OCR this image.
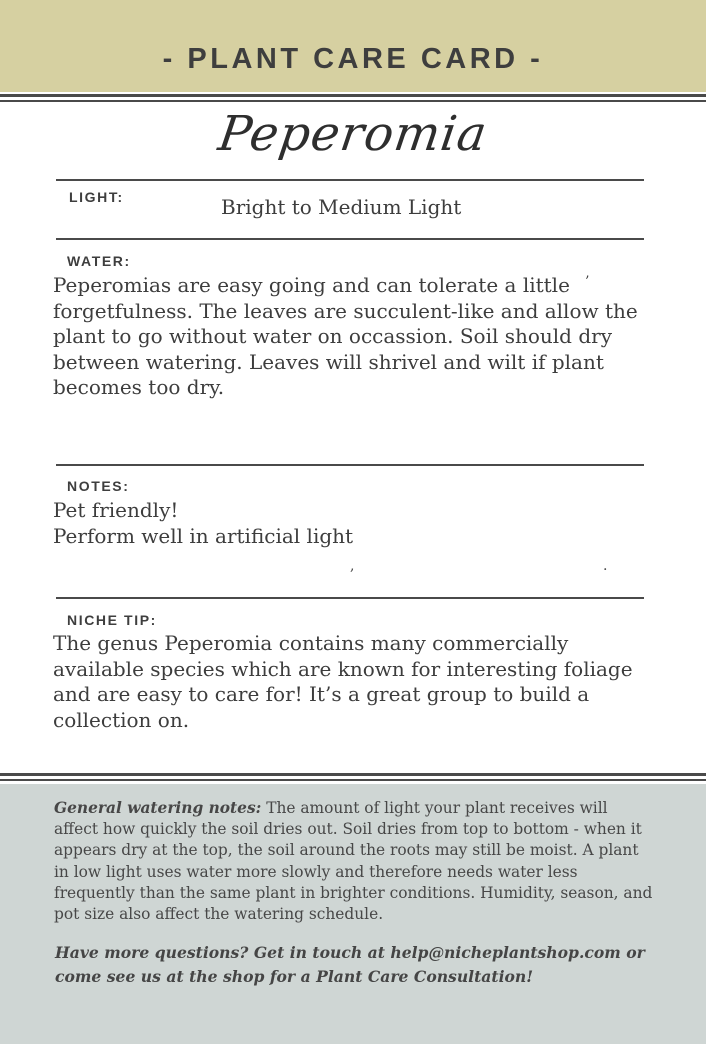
- PLANT CARE CARD -
Peperomia
LIGHT:	Bright to Medium Light
WATER:
Peperomias are easy going and can tolerate a little
forgetfulness. The leaves are succulent-like and allow the
plant to go without water on occassion. Soil should dry
between watering. Leaves will shrivel and wilt if plant
becomes too dry.
’
NOTES:
Pet friendly!
Perform well in artificial light
,	.
NICHE TIP:
The genus Peperomia contains many commercially
available species which are known for interesting foliage
and are easy to care for! It’s a great group to build a
collection on.
General watering notes: The amount of light your plant receives will affect how quickly the soil dries out. Soil dries from top to bottom - when it appears dry at the top, the soil around the roots may still be moist. A plant in low light uses water more slowly and therefore needs water less frequently than the same plant in brighter conditions. Humidity, season, and pot size also affect the watering schedule.
Have more questions? Get in touch at help@nicheplantshop.com or come see us at the shop for a Plant Care Consultation!
